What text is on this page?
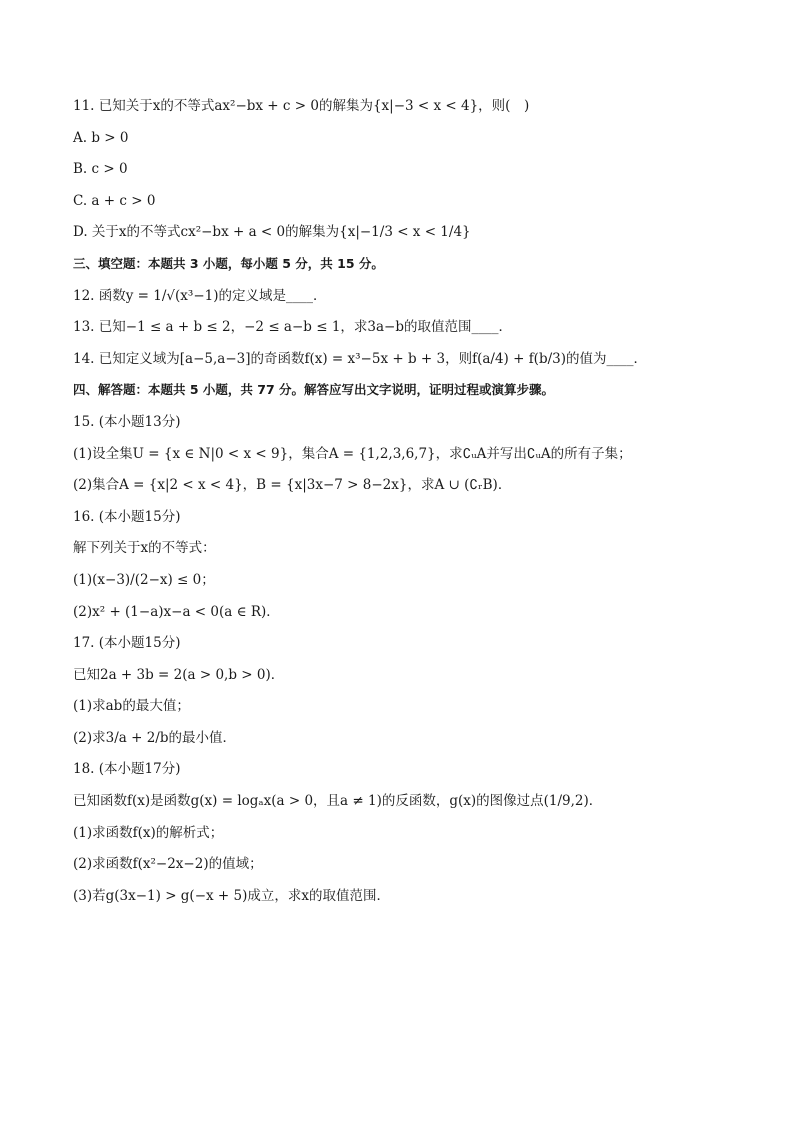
11. 已知关于x的不等式ax²−bx + c > 0的解集为{x|−3 < x < 4}，则(　)
A. b > 0
B. c > 0
C. a + c > 0
D. 关于x的不等式cx²−bx + a < 0的解集为{x|−1/3 < x < 1/4}
三、填空题：本题共 3 小题，每小题 5 分，共 15 分。
12. 函数y = 1/√(x³−1)的定义域是____．
13. 已知−1 ≤ a + b ≤ 2，−2 ≤ a−b ≤ 1，求3a−b的取值范围____．
14. 已知定义域为[a−5,a−3]的奇函数f(x) = x³−5x + b + 3，则f(a/4) + f(b/3)的值为____．
四、解答题：本题共 5 小题，共 77 分。解答应写出文字说明，证明过程或演算步骤。
15. (本小题13分)
(1)设全集U = {x ∈ N|0 < x < 9}，集合A = {1,2,3,6,7}，求∁ᵤA并写出∁ᵤA的所有子集；
(2)集合A = {x|2 < x < 4}，B = {x|3x−7 > 8−2x}，求A ∪ (∁ᵣB)．
16. (本小题15分)
解下列关于x的不等式：
(1)(x−3)/(2−x) ≤ 0；
(2)x² + (1−a)x−a < 0(a ∈ R)．
17. (本小题15分)
已知2a + 3b = 2(a > 0,b > 0)．
(1)求ab的最大值；
(2)求3/a + 2/b的最小值．
18. (本小题17分)
已知函数f(x)是函数g(x) = logₐx(a > 0，且a ≠ 1)的反函数，g(x)的图像过点(1/9,2)．
(1)求函数f(x)的解析式；
(2)求函数f(x²−2x−2)的值域；
(3)若g(3x−1) > g(−x + 5)成立，求x的取值范围．
